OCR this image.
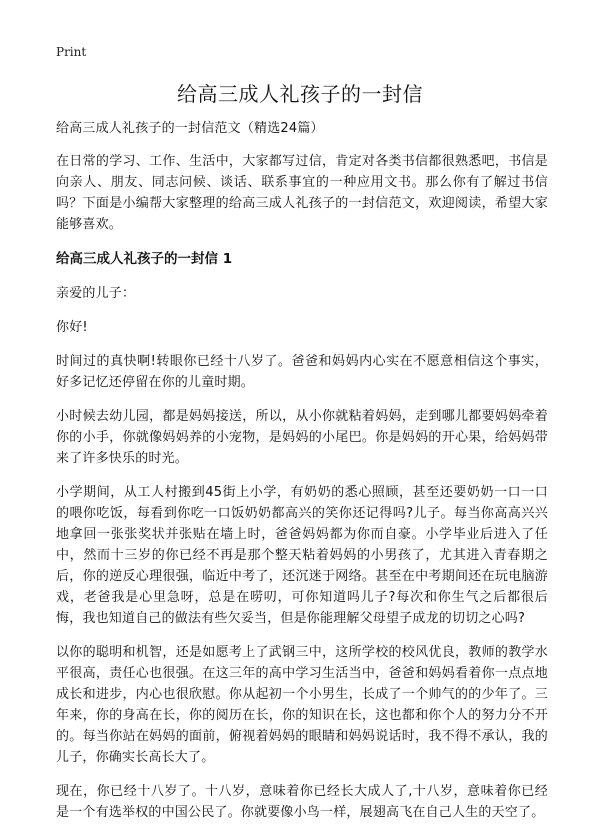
Print
给高三成人礼孩子的一封信

给高三成人礼孩子的一封信范文（精选24篇）

在日常的学习、工作、生活中，大家都写过信，肯定对各类书信都很熟悉吧，书信是向亲人、朋友、同志问候、谈话、联系事宜的一种应用文书。那么你有了解过书信吗？下面是小编帮大家整理的给高三成人礼孩子的一封信范文，欢迎阅读，希望大家能够喜欢。

给高三成人礼孩子的一封信 1

亲爱的儿子：

你好!

时间过的真快啊!转眼你已经十八岁了。爸爸和妈妈内心实在不愿意相信这个事实，好多记忆还停留在你的儿童时期。

小时候去幼儿园，都是妈妈接送，所以，从小你就粘着妈妈，走到哪儿都要妈妈牵着你的小手，你就像妈妈养的小宠物，是妈妈的小尾巴。你是妈妈的开心果，给妈妈带来了许多快乐的时光。

小学期间，从工人村搬到45街上小学，有奶奶的悉心照顾，甚至还要奶奶一口一口的喂你吃饭，每看到你吃一口饭奶奶都高兴的笑你还记得吗?儿子。每当你高高兴兴地拿回一张张奖状并张贴在墙上时，爸爸妈妈都为你而自豪。小学毕业后进入了任中，然而十三岁的你已经不再是那个整天粘着妈妈的小男孩了，尤其进入青春期之后，你的逆反心理很强，临近中考了，还沉迷于网络。甚至在中考期间还在玩电脑游戏，老爸我是心里急呀，总是在唠叨，可你知道吗儿子?每次和你生气之后都很后悔，我也知道自己的做法有些欠妥当，但是你能理解父母望子成龙的切切之心吗?

以你的聪明和机智，还是如愿考上了武钢三中，这所学校的校风优良，教师的教学水平很高，责任心也很强。在这三年的高中学习生活当中，爸爸和妈妈看着你一点点地成长和进步，内心也很欣慰。你从起初一个小男生，长成了一个帅气的的少年了。三年来，你的身高在长，你的阅历在长，你的知识在长，这也都和你个人的努力分不开的。每当你站在妈妈的面前，俯视着妈妈的眼睛和妈妈说话时，我不得不承认，我的儿子，你确实长高长大了。

现在，你已经十八岁了。十八岁，意味着你已经长大成人了,十八岁，意味着你已经是一个有选举权的中国公民了。你就要像小鸟一样，展翅高飞在自己人生的天空了。
